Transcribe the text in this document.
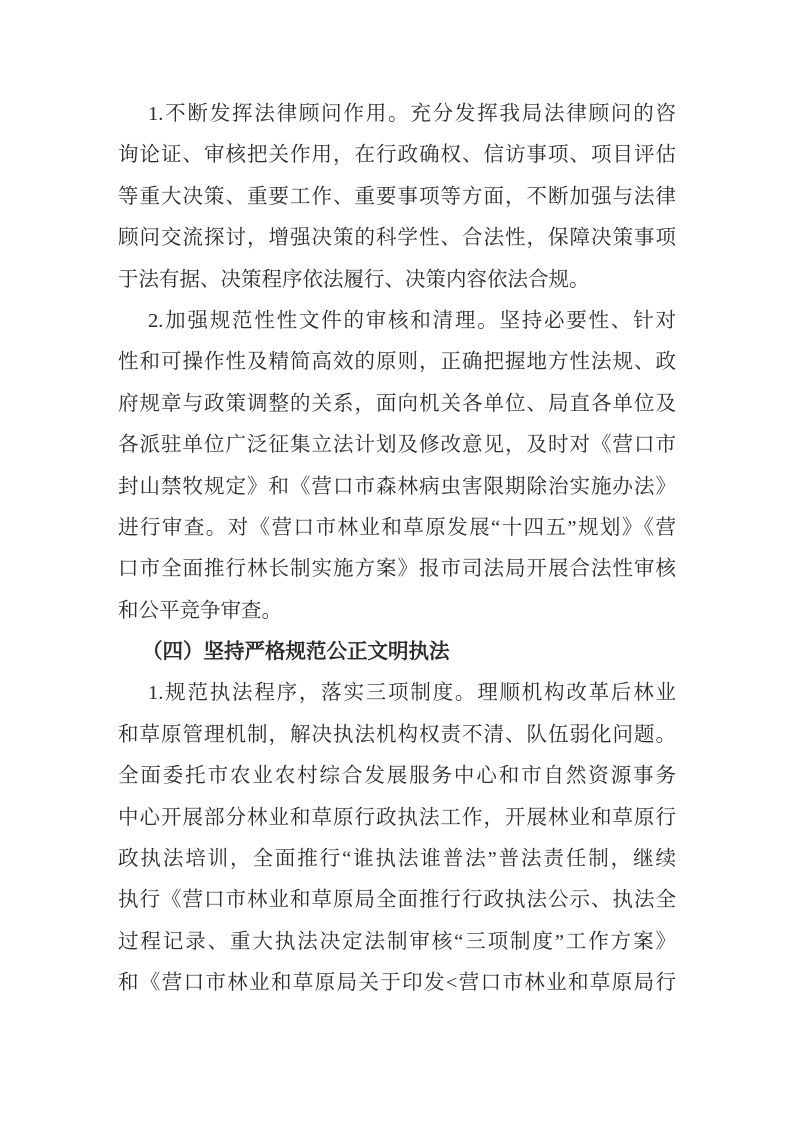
1.不断发挥法律顾问作用。充分发挥我局法律顾问的咨
询论证、审核把关作用，在行政确权、信访事项、项目评估
等重大决策、重要工作、重要事项等方面，不断加强与法律
顾问交流探讨，增强决策的科学性、合法性，保障决策事项
于法有据、决策程序依法履行、决策内容依法合规。
2.加强规范性性文件的审核和清理。坚持必要性、针对
性和可操作性及精简高效的原则，正确把握地方性法规、政
府规章与政策调整的关系，面向机关各单位、局直各单位及
各派驻单位广泛征集立法计划及修改意见，及时对《营口市
封山禁牧规定》和《营口市森林病虫害限期除治实施办法》
进行审查。对《营口市林业和草原发展“十四五”规划》《营
口市全面推行林长制实施方案》报市司法局开展合法性审核
和公平竞争审查。
（四）坚持严格规范公正文明执法
1.规范执法程序，落实三项制度。理顺机构改革后林业
和草原管理机制，解决执法机构权责不清、队伍弱化问题。
全面委托市农业农村综合发展服务中心和市自然资源事务
中心开展部分林业和草原行政执法工作，开展林业和草原行
政执法培训，全面推行“谁执法谁普法”普法责任制，继续
执行《营口市林业和草原局全面推行行政执法公示、执法全
过程记录、重大执法决定法制审核“三项制度”工作方案》
和《营口市林业和草原局关于印发<营口市林业和草原局行
